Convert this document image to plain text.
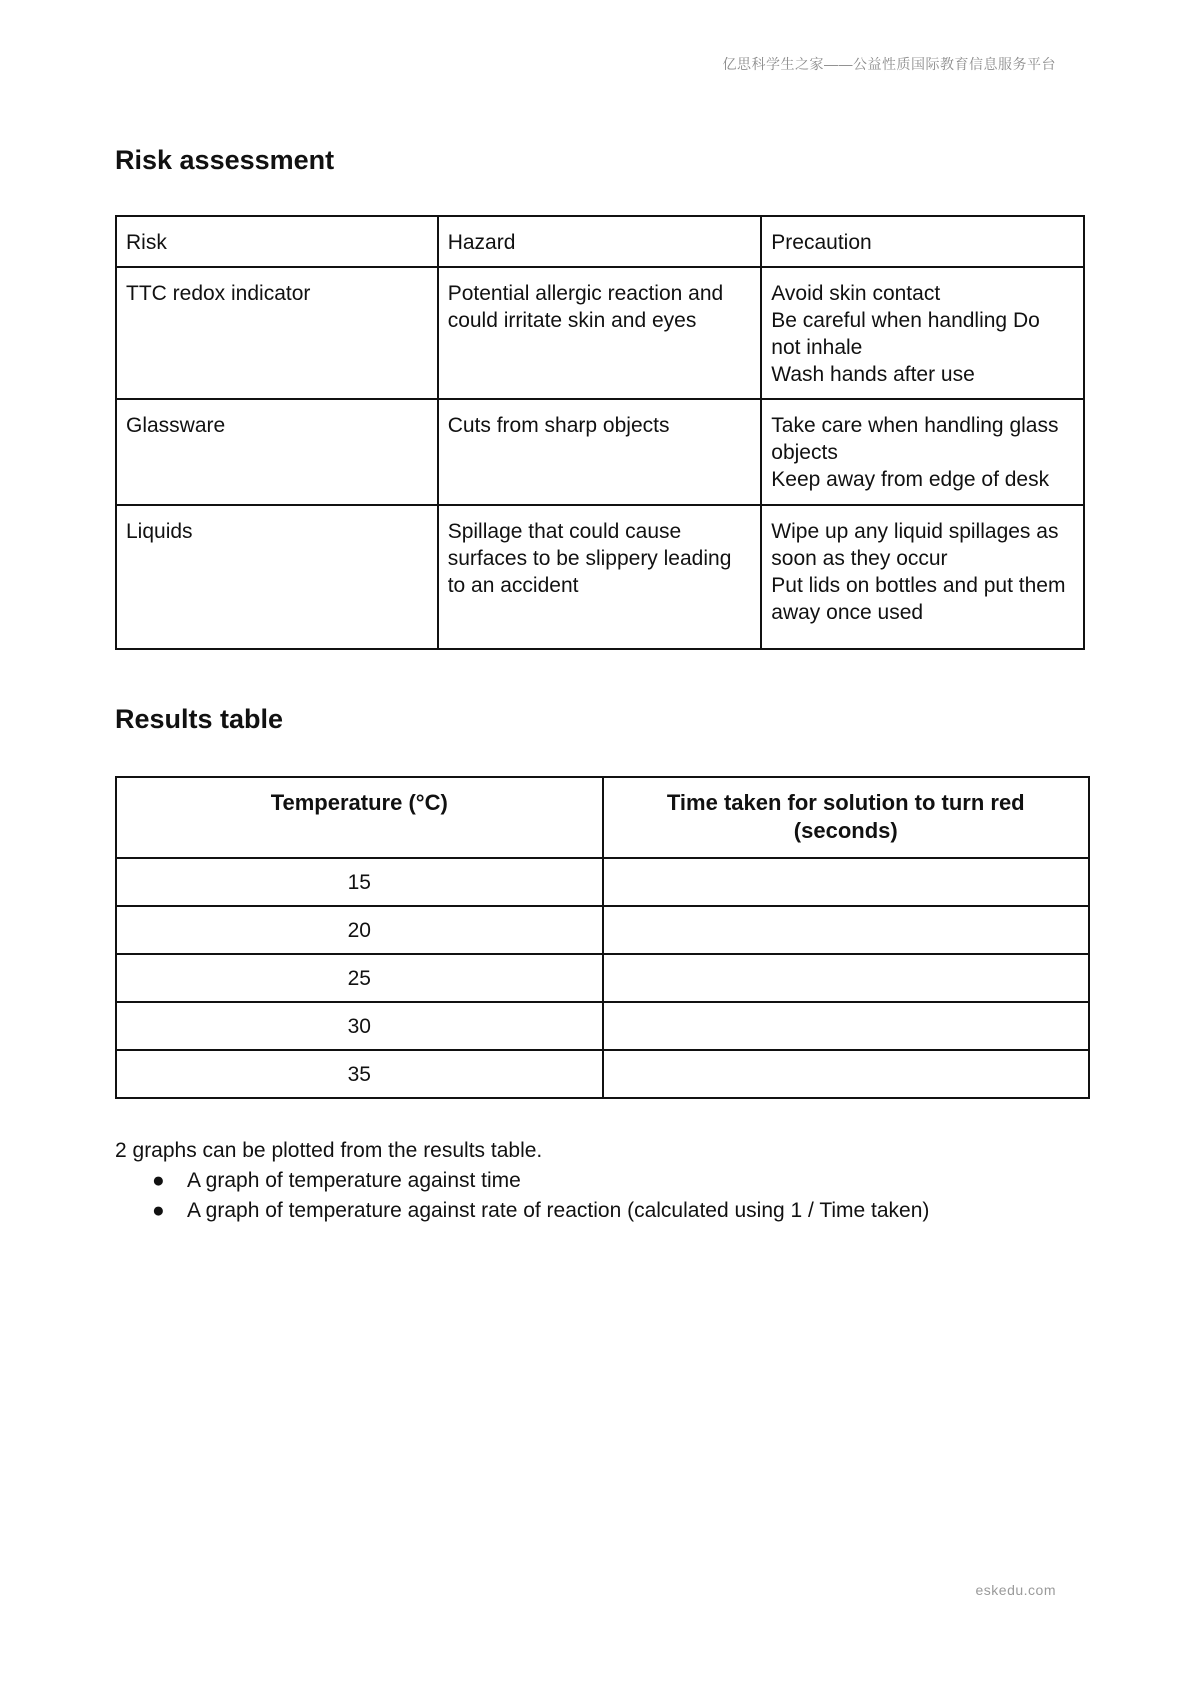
亿思科学生之家——公益性质国际教育信息服务平台
Risk assessment
Risk	Hazard	Precaution
TTC redox indicator	Potential allergic reaction and could irritate skin and eyes	Avoid skin contact
Be careful when handling Do not inhale
Wash hands after use

Glassware	Cuts from sharp objects	Take care when handling glass objects
Keep away from edge of desk

Liquids	Spillage that could cause surfaces to be slippery leading to an accident	Wipe up any liquid spillages as soon as they occur
Put lids on bottles and put them away once used
Results table
Temperature (°C)	Time taken for solution to turn red (seconds)
15	
20	
25	
30	
35	
2 graphs can be plotted from the results table.
● A graph of temperature against time
● A graph of temperature against rate of reaction (calculated using 1 / Time taken)
eskedu.com
